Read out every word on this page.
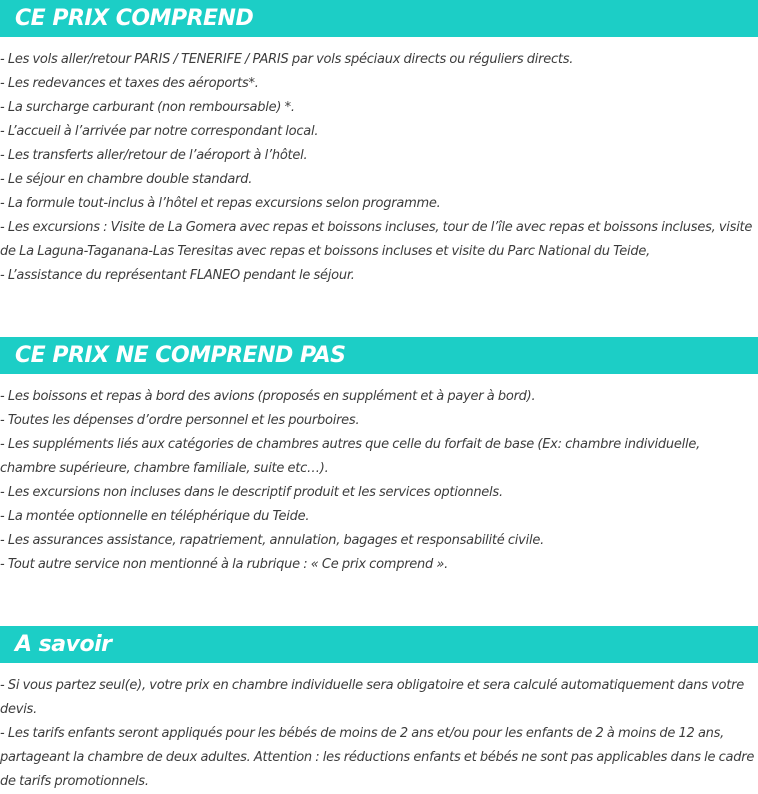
CE PRIX COMPREND
- Les vols aller/retour PARIS / TENERIFE / PARIS par vols spéciaux directs ou réguliers directs.
- Les redevances et taxes des aéroports*.
- La surcharge carburant (non remboursable) *.
- L’accueil à l’arrivée par notre correspondant local.
- Les transferts aller/retour de l’aéroport à l’hôtel.
- Le séjour en chambre double standard.
- La formule tout-inclus à l’hôtel et repas excursions selon programme.
- Les excursions : Visite de La Gomera avec repas et boissons incluses, tour de l’île avec repas et boissons incluses, visite de La Laguna-Taganana-Las Teresitas avec repas et boissons incluses et visite du Parc National du Teide,
- L’assistance du représentant FLANEO pendant le séjour.
CE PRIX NE COMPREND PAS
- Les boissons et repas à bord des avions (proposés en supplément et à payer à bord).
- Toutes les dépenses d’ordre personnel et les pourboires.
- Les suppléments liés aux catégories de chambres autres que celle du forfait de base (Ex: chambre individuelle, chambre supérieure, chambre familiale, suite etc…).
- Les excursions non incluses dans le descriptif produit et les services optionnels.
- La montée optionnelle en téléphérique du Teide.
- Les assurances assistance, rapatriement, annulation, bagages et responsabilité civile.
- Tout autre service non mentionné à la rubrique : « Ce prix comprend ».
A savoir
- Si vous partez seul(e), votre prix en chambre individuelle sera obligatoire et sera calculé automatiquement dans votre devis.
- Les tarifs enfants seront appliqués pour les bébés de moins de 2 ans et/ou pour les enfants de 2 à moins de 12 ans, partageant la chambre de deux adultes. Attention : les réductions enfants et bébés ne sont pas applicables dans le cadre de tarifs promotionnels.
